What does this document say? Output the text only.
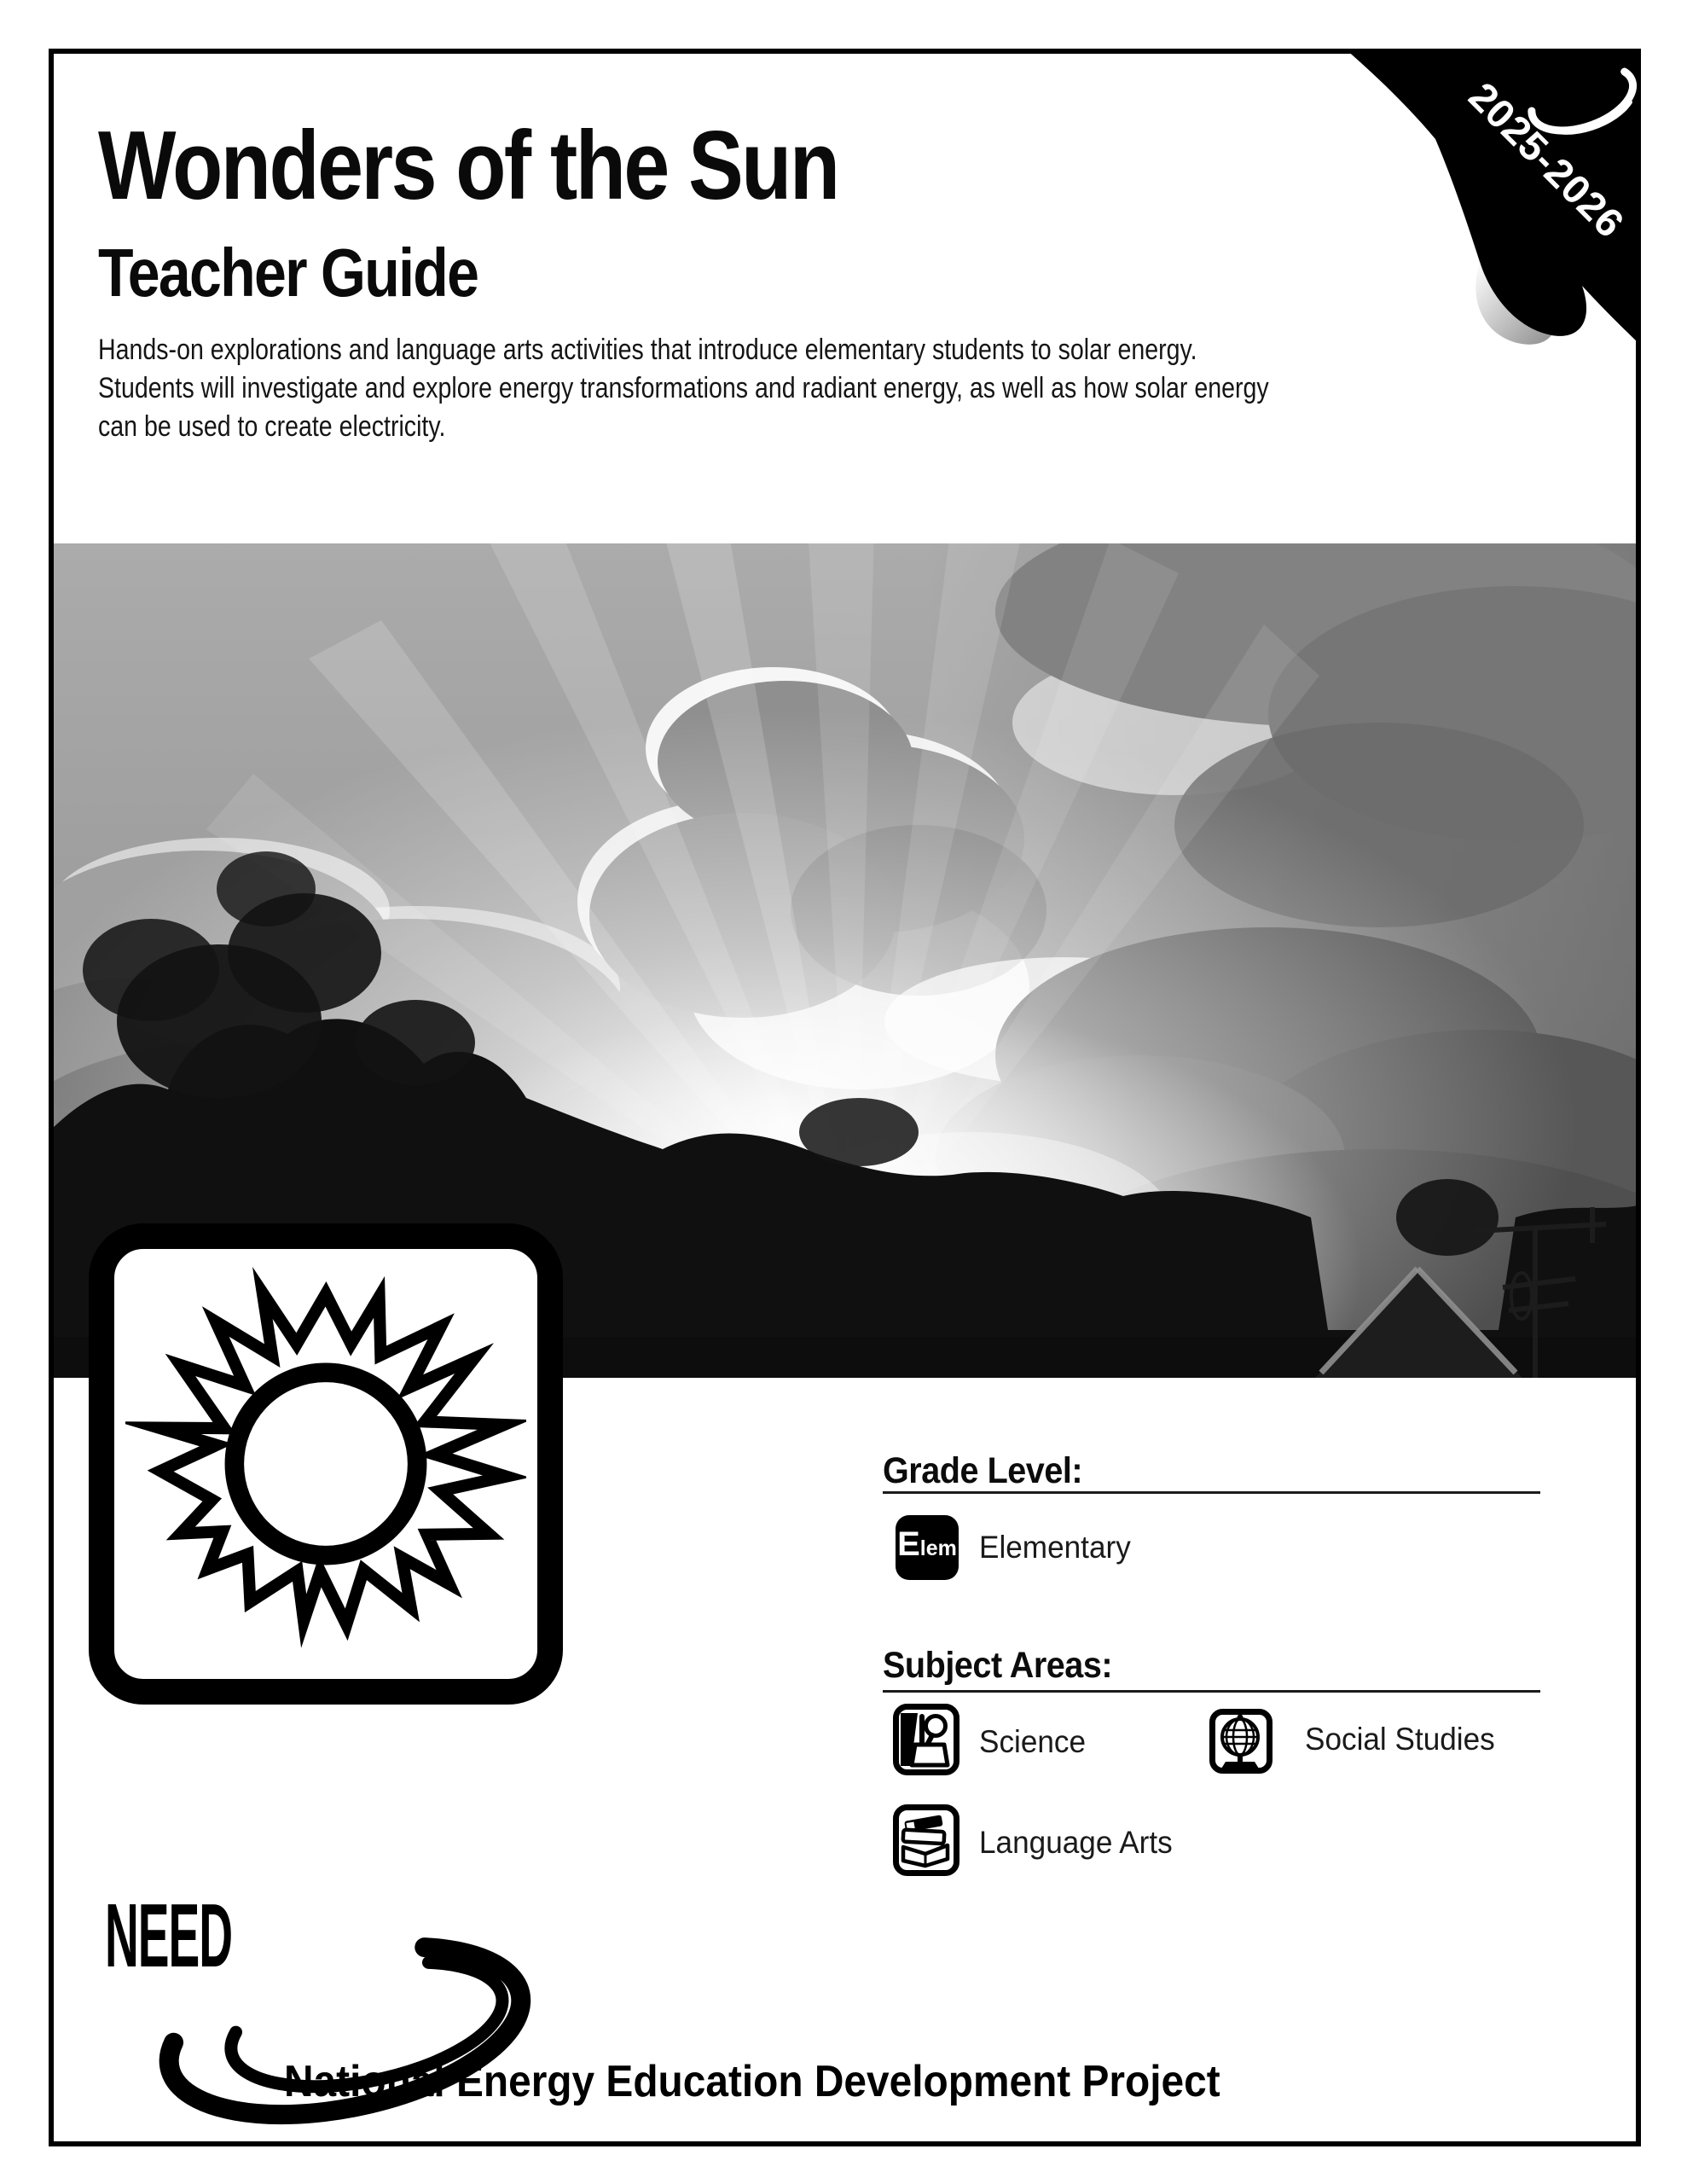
2025-2026
Wonders of the Sun
Teacher Guide
Hands-on explorations and language arts activities that introduce elementary students to solar energy.
Students will investigate and explore energy transformations and radiant energy, as well as how solar energy
can be used to create electricity.
Grade Level:
E lem Elementary
Subject Areas:
Science	Social Studies
Language Arts
NEED
National Energy Education Development Project
